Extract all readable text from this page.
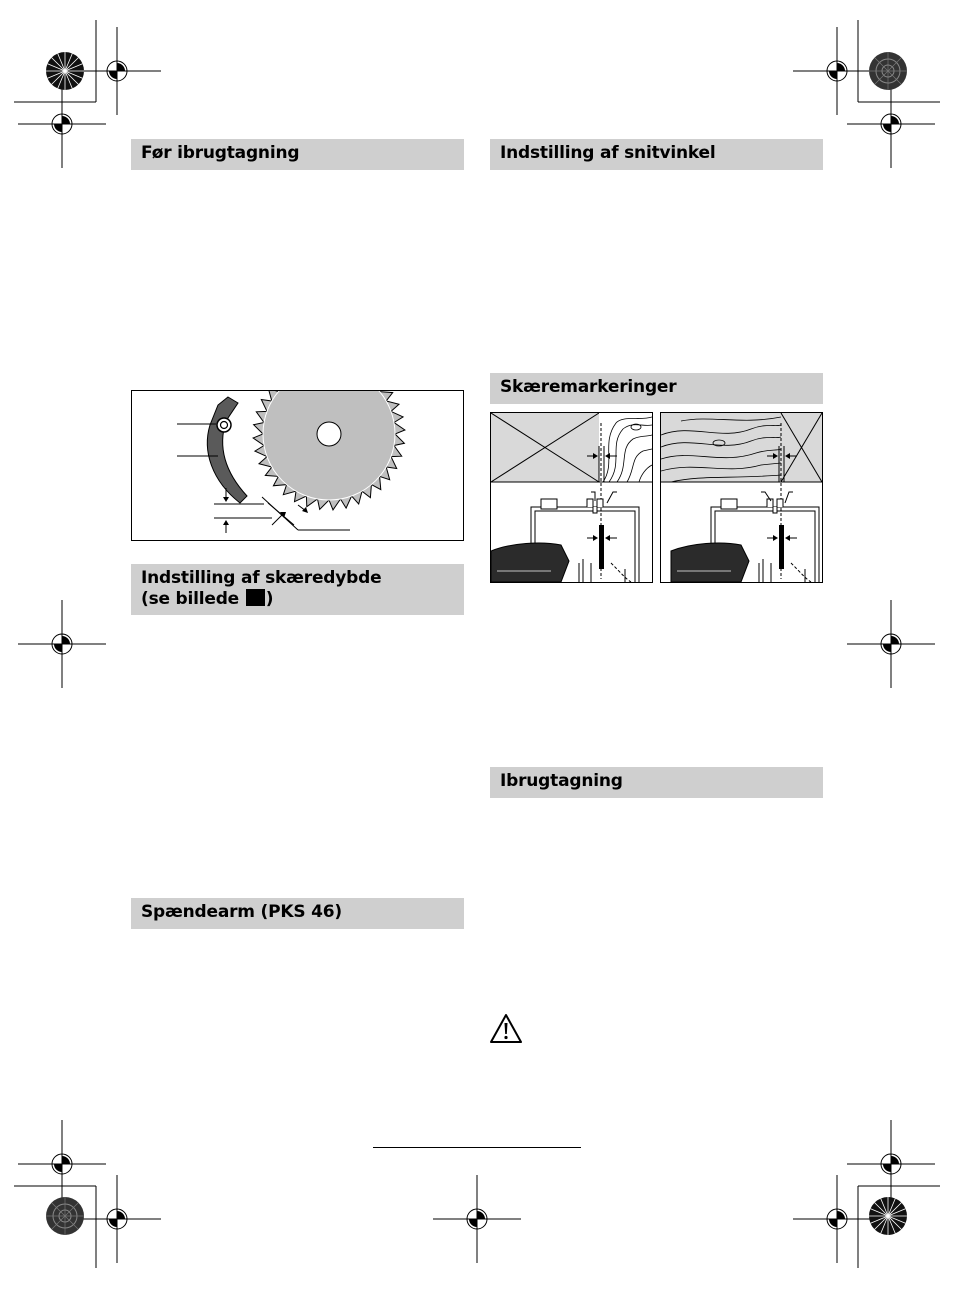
Før ibrugtagning
Indstilling af skæredybde
(se billede )
Spændearm (PKS 46)
Indstilling af snitvinkel
Skæremarkeringer
Ibrugtagning
